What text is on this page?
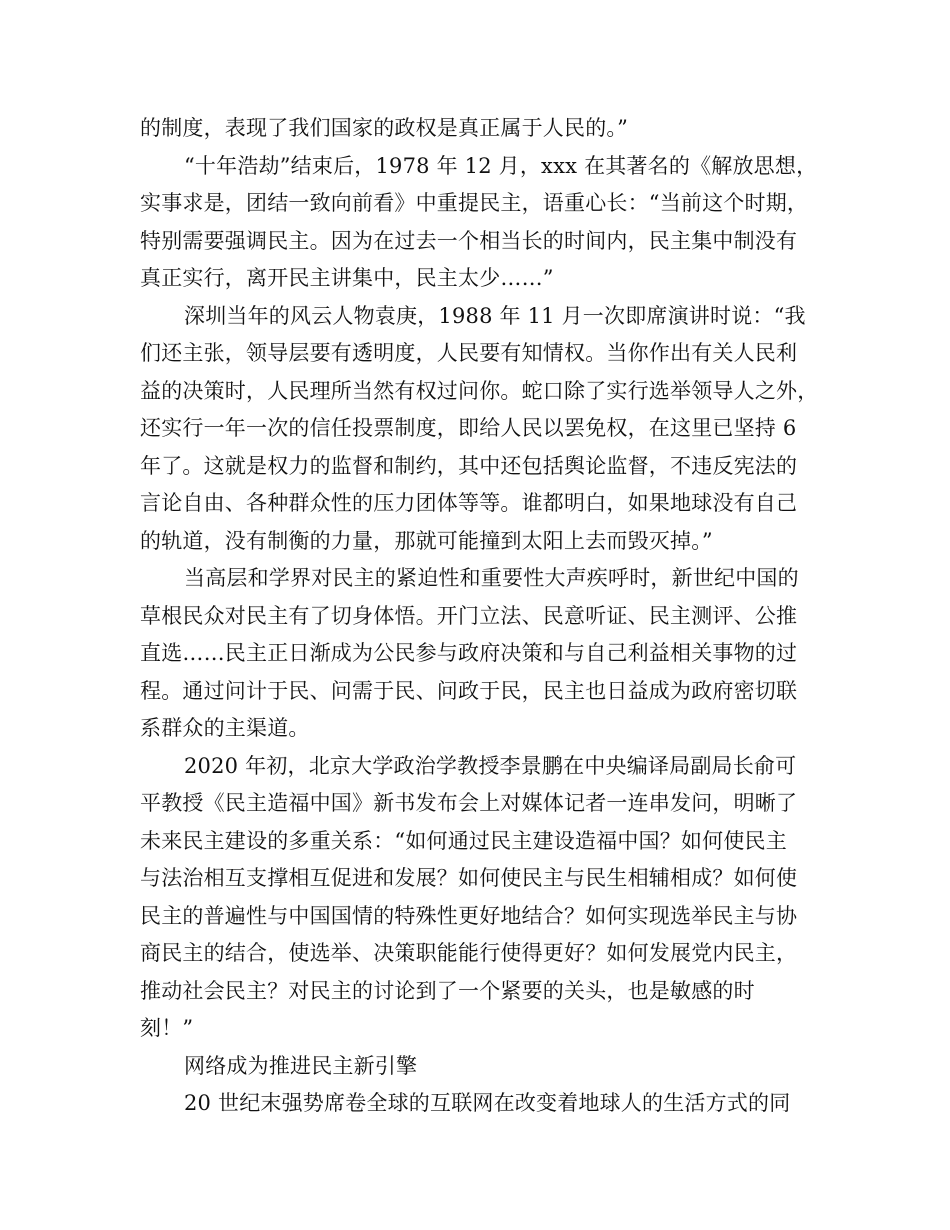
的制度，表现了我们国家的政权是真正属于人民的。”
“十年浩劫”结束后，1978 年 12 月，xxx 在其著名的《解放思想，
实事求是，团结一致向前看》中重提民主，语重心长：“当前这个时期，
特别需要强调民主。因为在过去一个相当长的时间内，民主集中制没有
真正实行，离开民主讲集中，民主太少……”
深圳当年的风云人物袁庚，1988 年 11 月一次即席演讲时说：“我
们还主张，领导层要有透明度，人民要有知情权。当你作出有关人民利
益的决策时，人民理所当然有权过问你。蛇口除了实行选举领导人之外，
还实行一年一次的信任投票制度，即给人民以罢免权，在这里已坚持 6
年了。这就是权力的监督和制约，其中还包括舆论监督，不违反宪法的
言论自由、各种群众性的压力团体等等。谁都明白，如果地球没有自己
的轨道，没有制衡的力量，那就可能撞到太阳上去而毁灭掉。”
当高层和学界对民主的紧迫性和重要性大声疾呼时，新世纪中国的
草根民众对民主有了切身体悟。开门立法、民意听证、民主测评、公推
直选……民主正日渐成为公民参与政府决策和与自己利益相关事物的过
程。通过问计于民、问需于民、问政于民，民主也日益成为政府密切联
系群众的主渠道。
2020 年初，北京大学政治学教授李景鹏在中央编译局副局长俞可
平教授《民主造福中国》新书发布会上对媒体记者一连串发问，明晰了
未来民主建设的多重关系：“如何通过民主建设造福中国？如何使民主
与法治相互支撑相互促进和发展？如何使民主与民生相辅相成？如何使
民主的普遍性与中国国情的特殊性更好地结合？如何实现选举民主与协
商民主的结合，使选举、决策职能能行使得更好？如何发展党内民主，
推动社会民主？对民主的讨论到了一个紧要的关头，也是敏感的时
刻！”
网络成为推进民主新引擎
20 世纪末强势席卷全球的互联网在改变着地球人的生活方式的同
